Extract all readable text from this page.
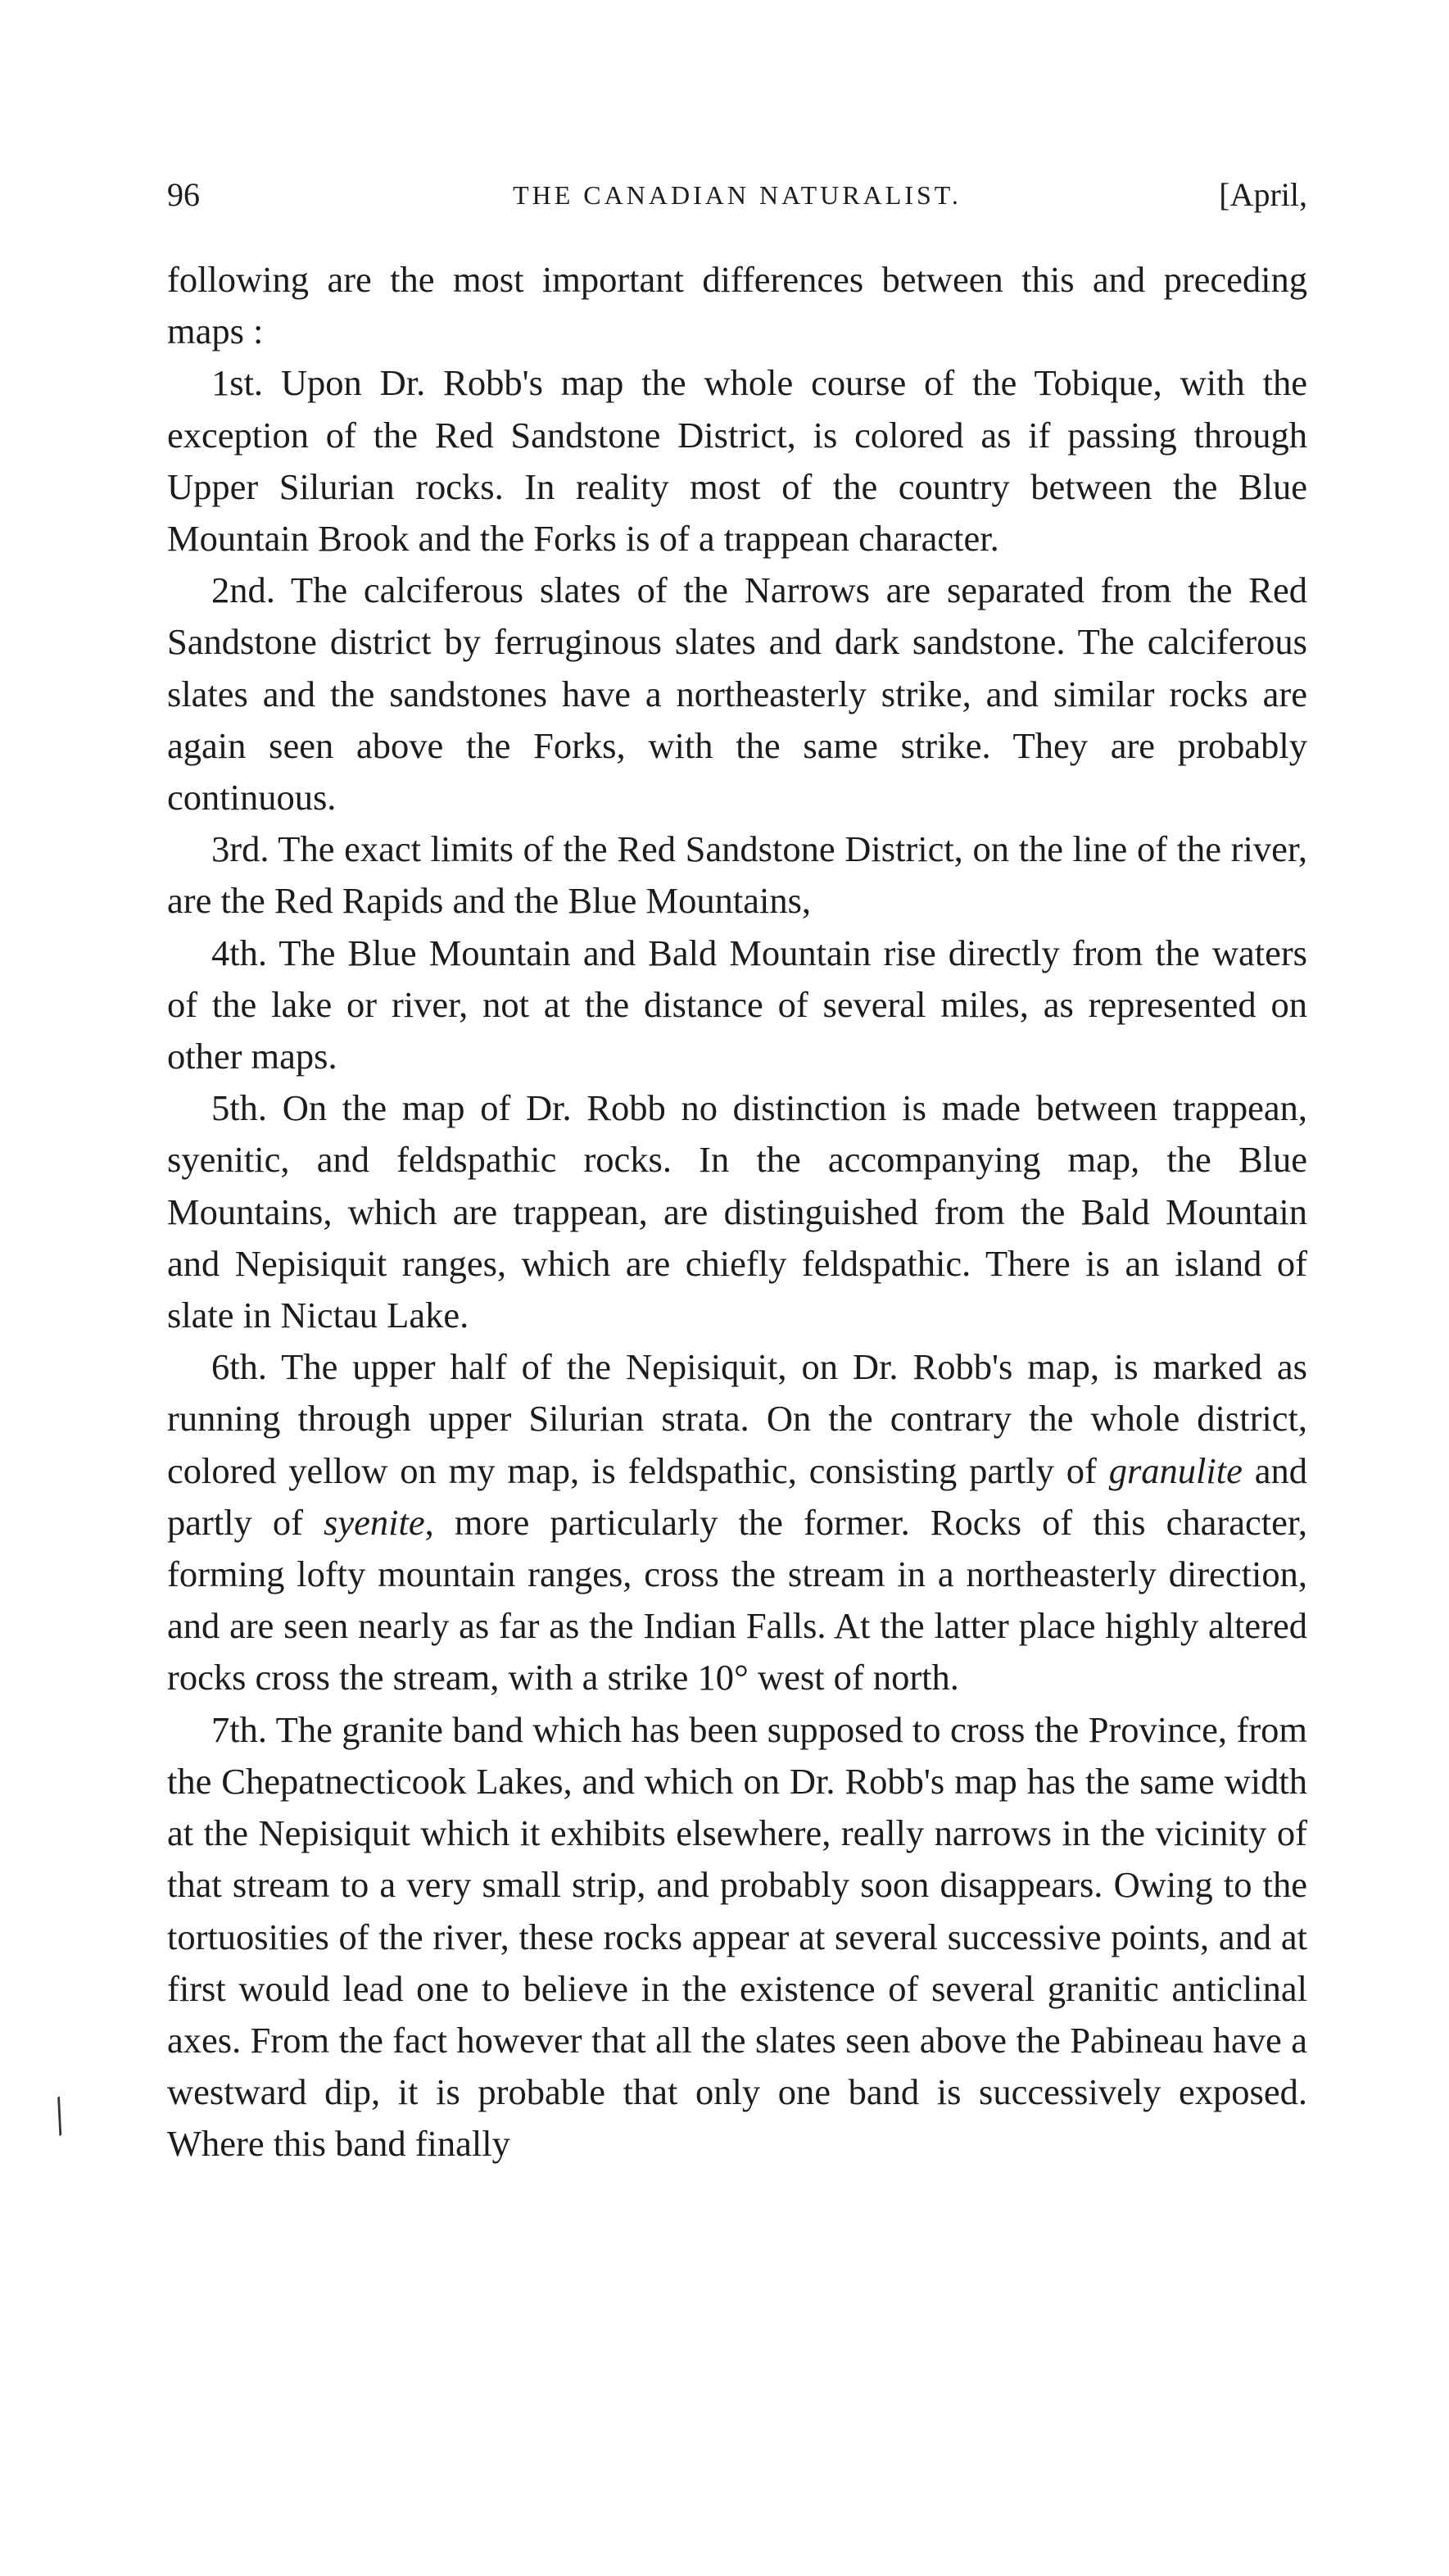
96	THE CANADIAN NATURALIST.	[April,

following are the most important differences between this and preceding maps :

1st. Upon Dr. Robb's map the whole course of the Tobique, with the exception of the Red Sandstone District, is colored as if passing through Upper Silurian rocks. In reality most of the country between the Blue Mountain Brook and the Forks is of a trappean character.

2nd. The calciferous slates of the Narrows are separated from the Red Sandstone district by ferruginous slates and dark sandstone. The calciferous slates and the sandstones have a northeasterly strike, and similar rocks are again seen above the Forks, with the same strike. They are probably continuous.

3rd. The exact limits of the Red Sandstone District, on the line of the river, are the Red Rapids and the Blue Mountains,

4th. The Blue Mountain and Bald Mountain rise directly from the waters of the lake or river, not at the distance of several miles, as represented on other maps.

5th. On the map of Dr. Robb no distinction is made between trappean, syenitic, and feldspathic rocks. In the accompanying map, the Blue Mountains, which are trappean, are distinguished from the Bald Mountain and Nepisiquit ranges, which are chiefly feldspathic. There is an island of slate in Nictau Lake.

6th. The upper half of the Nepisiquit, on Dr. Robb's map, is marked as running through upper Silurian strata. On the contrary the whole district, colored yellow on my map, is feldspathic, consisting partly of granulite and partly of syenite, more particularly the former. Rocks of this character, forming lofty mountain ranges, cross the stream in a northeasterly direction, and are seen nearly as far as the Indian Falls. At the latter place highly altered rocks cross the stream, with a strike 10° west of north.

7th. The granite band which has been supposed to cross the Province, from the Chepatnecticook Lakes, and which on Dr. Robb's map has the same width at the Nepisiquit which it exhibits elsewhere, really narrows in the vicinity of that stream to a very small strip, and probably soon disappears. Owing to the tortuosities of the river, these rocks appear at several successive points, and at first would lead one to believe in the existence of several granitic anticlinal axes. From the fact however that all the slates seen above the Pabineau have a westward dip, it is probable that only one band is successively exposed. Where this band finally

╱
